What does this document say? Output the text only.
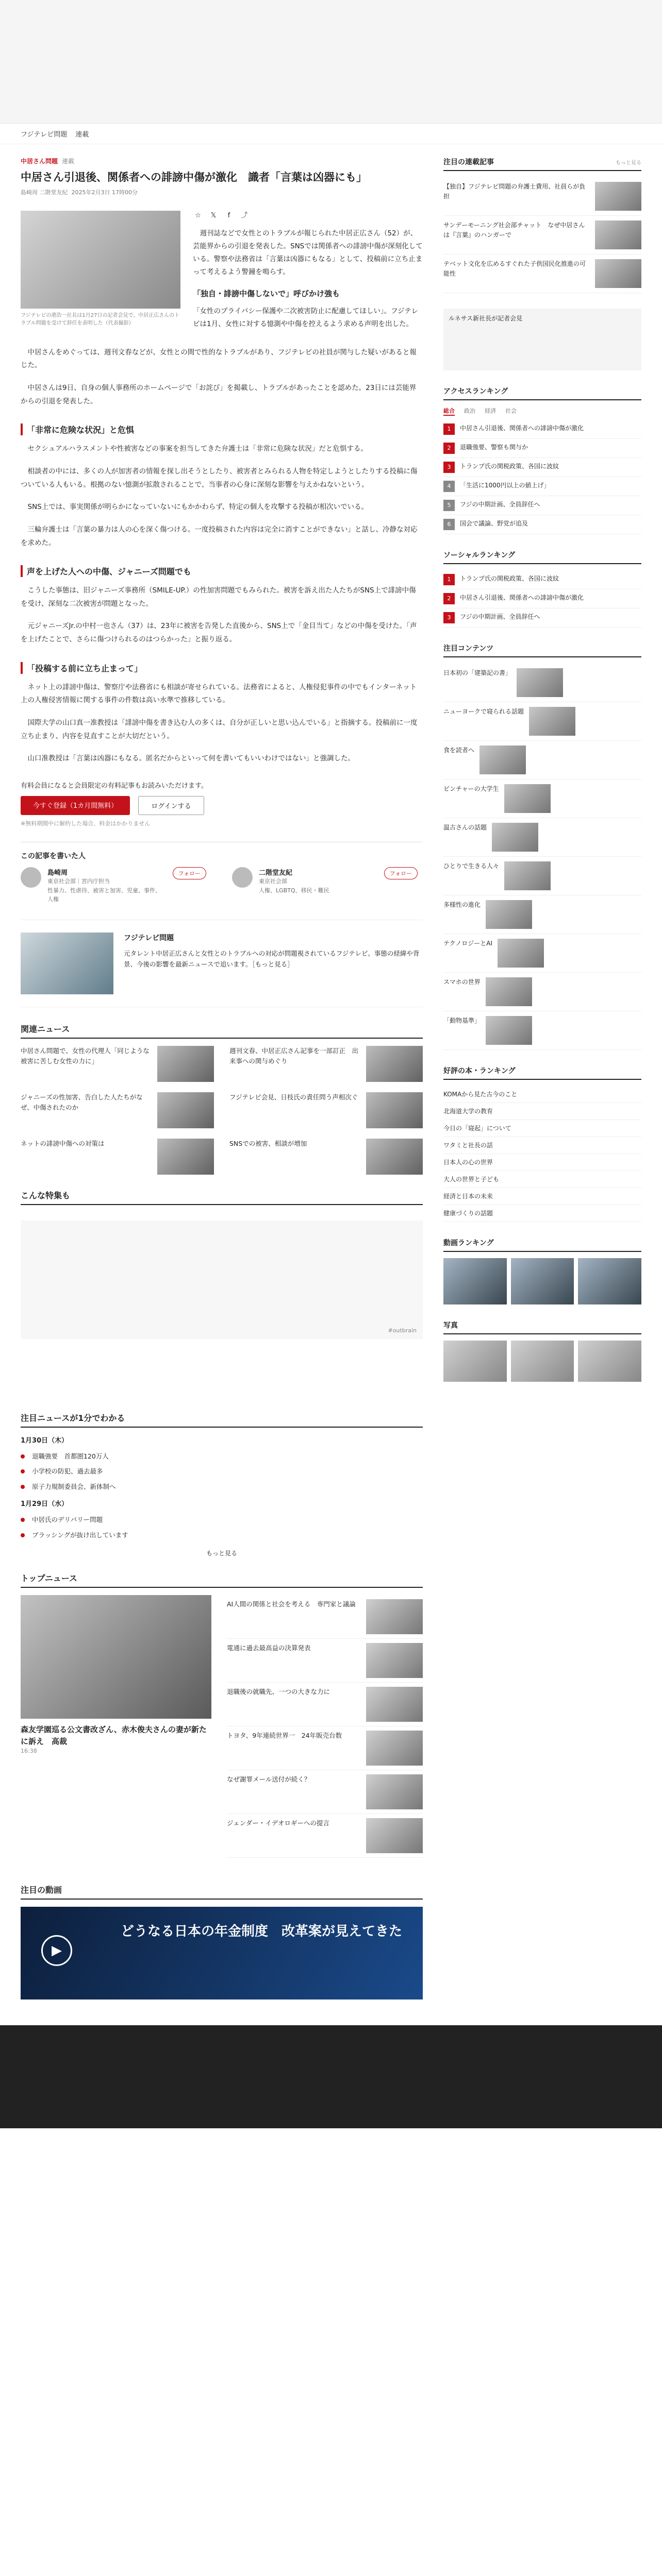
フジテレビ問題 連載
中居さん問題 連載
中居さん引退後、関係者への誹謗中傷が激化　識者「言葉は凶器にも」
島崎周 二階堂友紀 2025年2月3日 17時00分
フジテレビの港浩一社長は1月27日の記者会見で、中居正広さんのトラブル問題を受けて辞任を表明した（代表撮影）
☆	𝕏	f	⤴

　週刊誌などで女性とのトラブルが報じられた中居正広さん（52）が、芸能界からの引退を発表した。SNSでは関係者への誹謗中傷が深刻化している。警察や法務省は「言葉は凶器にもなる」として、投稿前に立ち止まって考えるよう警鐘を鳴らす。

「独自・誹謗中傷しないで」呼びかけ強も

「女性のプライバシー保護や二次被害防止に配慮してほしい」。フジテレビは1月、女性に対する憶測や中傷を控えるよう求める声明を出した。

　中居さんをめぐっては、週刊文春などが、女性との間で性的なトラブルがあり、フジテレビの社員が関与した疑いがあると報じた。

　中居さんは9日、自身の個人事務所のホームページで「お詫び」を掲載し、トラブルがあったことを認めた。23日には芸能界からの引退を発表した。

「非常に危険な状況」と危惧

　セクシュアルハラスメントや性被害などの事案を担当してきた弁護士は「非常に危険な状況」だと危惧する。

　相談者の中には、多くの人が加害者の情報を探し出そうとしたり、被害者とみられる人物を特定しようとしたりする投稿に傷ついている人もいる。根拠のない憶測が拡散されることで、当事者の心身に深刻な影響を与えかねないという。

　SNS上では、事実関係が明らかになっていないにもかかわらず、特定の個人を攻撃する投稿が相次いでいる。

　三輪弁護士は「言葉の暴力は人の心を深く傷つける。一度投稿された内容は完全に消すことができない」と話し、冷静な対応を求めた。

声を上げた人への中傷、ジャニーズ問題でも

　こうした事態は、旧ジャニーズ事務所（SMILE-UP.）の性加害問題でもみられた。被害を訴え出た人たちがSNS上で誹謗中傷を受け、深刻な二次被害が問題となった。

　元ジャニーズJr.の中村一也さん（37）は、23年に被害を告発した直後から、SNS上で「金目当て」などの中傷を受けた。「声を上げたことで、さらに傷つけられるのはつらかった」と振り返る。

「投稿する前に立ち止まって」

　ネット上の誹謗中傷は、警察庁や法務省にも相談が寄せられている。法務省によると、人権侵犯事件の中でもインターネット上の人権侵害情報に関する事件の件数は高い水準で推移している。

　国際大学の山口真一准教授は「誹謗中傷を書き込む人の多くは、自分が正しいと思い込んでいる」と指摘する。投稿前に一度立ち止まり、内容を見直すことが大切だという。

　山口准教授は「言葉は凶器にもなる。匿名だからといって何を書いてもいいわけではない」と強調した。

有料会員になると会員限定の有料記事もお読みいただけます。
今すぐ登録（1カ月間無料）	ログインする
※無料期間中に解約した場合、料金はかかりません
この記事を書いた人
島崎周
東京社会部｜宮内庁担当
性暴力、性虐待、被害と加害、児童、事件、人権
フォロー	二階堂友紀
東京社会部
人権、LGBTQ、移民・難民
フォロー
フジテレビ問題
元タレント中居正広さんと女性とのトラブルへの対応が問題視されているフジテレビ。事態の経緯や背景、今後の影響を最新ニュースで追います。［もっと見る］
関連ニュース
中居さん問題で、女性の代理人「同じような被害に苦しむ女性の力に」
週刊文春、中居正広さん記事を一部訂正　出来事への関与めぐり
ジャニーズの性加害、告白した人たちがなぜ、中傷されたのか
フジテレビ会見、日枝氏の責任問う声相次ぐ
ネットの誹謗中傷への対策は	SNSでの被害、相談が増加
こんな特集も
#outbrain
注目の連載記事	もっと見る
【独自】フジテレビ問題の弁護士費用、社員らが負担
サンデーモーニング社会部チャット　なぜ中居さんは『言葉』のハンガーで
テベット文化を広めるすぐれた子供国民化推進の可能性
ルネサス新社長が記者会見
アクセスランキング
総合 政治 経済 社会
1	中居さん引退後、関係者への誹謗中傷が激化
2	退職強要、警察も関与か
3	トランプ氏の関税政策、各国に波紋
4	「生活に1000円以上の値上げ」
5	フジの中期計画、全員辞任へ
6	国会で議論、野党が追及
ソーシャルランキング
1	トランプ氏の関税政策、各国に波紋
2	中居さん引退後、関係者への誹謗中傷が激化
3	フジの中期計画、全員辞任へ
注目コンテンツ
日本初の「建築記の書」
ニューヨークで寝られる話題
食を読者へ
ピンチャーの大学生
温古さんの話題
ひとりで生きる人々
多様性の進化
テクノロジーとAI
スマホの世界
「動物基準」
好評の本・ランキング
KOMAから見た古今のこと
北海道大学の教育
今日の「寝起」について
ワタミと社長の話
日本人の心の世界
大人の世界と子ども
経済と日本の未来
健康づくりの話題
動画ランキング
写真
注目ニュースが1分でわかる
1月30日（木）
退職強要　首都圏120万人
小学校の防犯、過去最多
原子力規制委員会、新体制へ
1月29日（水）
中居氏のデリバリー問題
ブラッシングが抜け出しています
もっと見る
トップニュース
森友学園巡る公文書改ざん、赤木俊夫さんの妻が新たに訴え　高裁
16:38
AI人間の関係と社会を考える　専門家と議論
電通に過去最高益の決算発表
退職後の就職先、一つの大きな力に
トヨタ、9年連続世界一　24年販売台数
なぜ謝罪メール送付が続く？
ジェンダー・イデオロギーへの提言
注目の動画
▶
どうなる日本の年金制度　改革案が見えてきた
